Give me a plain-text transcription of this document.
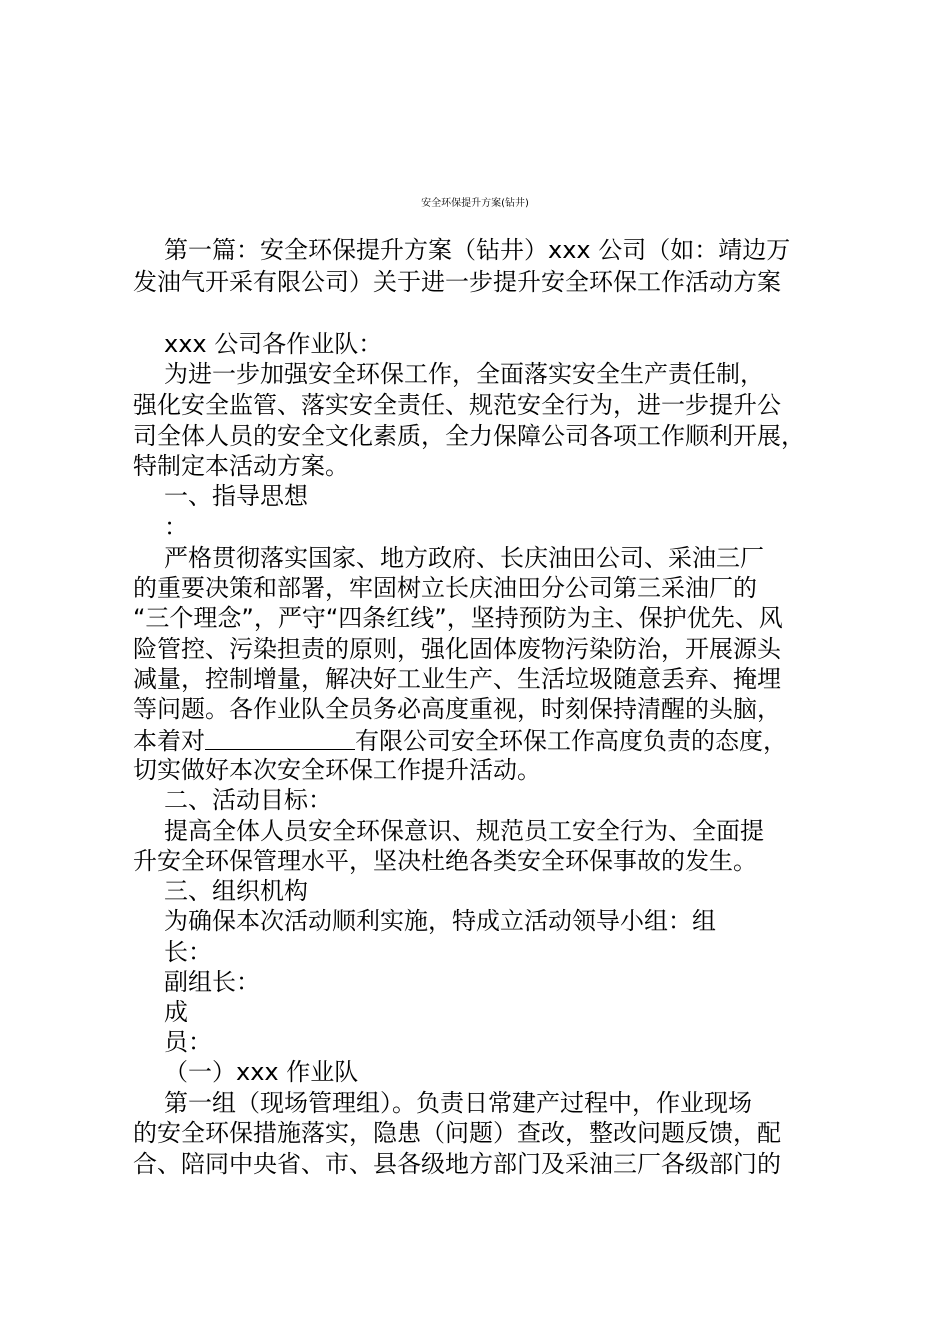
安全环保提升方案(钻井)
第一篇：安全环保提升方案（钻井）xxx 公司（如：靖边万
发油气开采有限公司）关于进一步提升安全环保工作活动方案
xxx 公司各作业队：
为进一步加强安全环保工作，全面落实安全生产责任制，
强化安全监管、落实安全责任、规范安全行为，进一步提升公
司全体人员的安全文化素质，全力保障公司各项工作顺利开展，
特制定本活动方案。
一、指导思想
：
严格贯彻落实国家、地方政府、长庆油田公司、采油三厂
的重要决策和部署，牢固树立长庆油田分公司第三采油厂的
“三个理念”，严守“四条红线”，坚持预防为主、保护优先、风
险管控、污染担责的原则，强化固体废物污染防治，开展源头
减量，控制增量，解决好工业生产、生活垃圾随意丢弃、掩埋
等问题。各作业队全员务必高度重视，时刻保持清醒的头脑，
本着对	有限公司安全环保工作高度负责的态度，
切实做好本次安全环保工作提升活动。
二、活动目标：
提高全体人员安全环保意识、规范员工安全行为、全面提
升安全环保管理水平，坚决杜绝各类安全环保事故的发生。
三、组织机构
为确保本次活动顺利实施，特成立活动领导小组：组
长：
副组长：
成
员：
（一）xxx 作业队
第一组（现场管理组）。负责日常建产过程中，作业现场
的安全环保措施落实，隐患（问题）查改，整改问题反馈，配
合、陪同中央省、市、县各级地方部门及采油三厂各级部门的
